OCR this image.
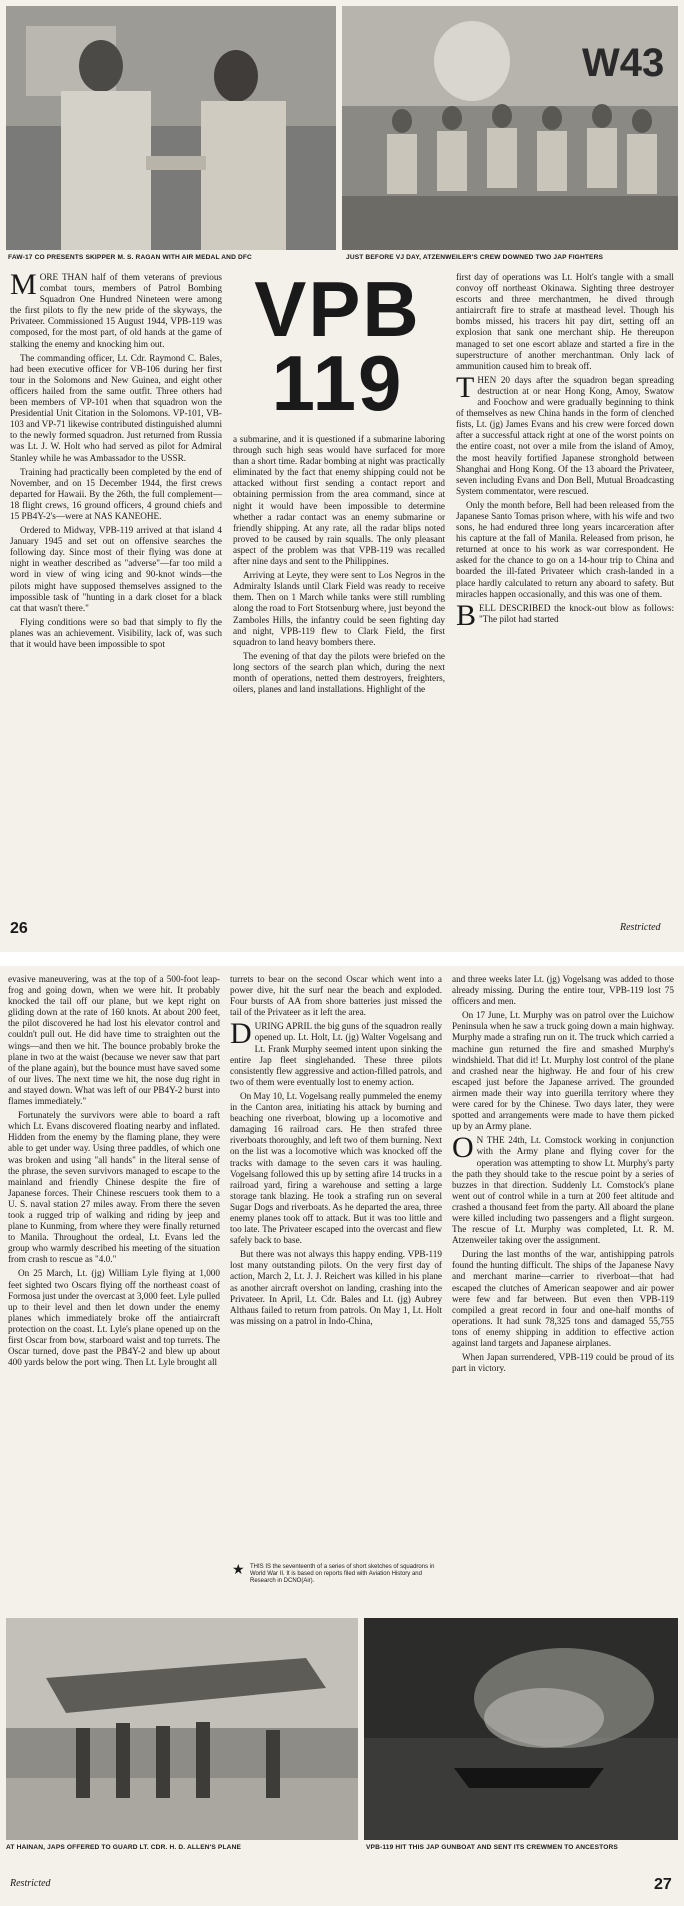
W43
FAW-17 CO PRESENTS SKIPPER M. S. RAGAN WITH AIR MEDAL AND DFC	JUST BEFORE VJ DAY, ATZENWEILER'S CREW DOWNED TWO JAP FIGHTERS

MORE THAN half of them veterans of previous combat tours, members of Patrol Bombing Squadron One Hundred Nineteen were among the first pilots to fly the new pride of the skyways, the Privateer. Commissioned 15 August 1944, VPB-119 was composed, for the most part, of old hands at the game of stalking the enemy and knocking him out.

The commanding officer, Lt. Cdr. Raymond C. Bales, had been executive officer for VB-106 during her first tour in the Solomons and New Guinea, and eight other officers hailed from the same outfit. Three others had been members of VP-101 when that squadron won the Presidential Unit Citation in the Solomons. VP-101, VB-103 and VP-71 likewise contributed distinguished alumni to the newly formed squadron. Just returned from Russia was Lt. J. W. Holt who had served as pilot for Admiral Stanley while he was Ambassador to the USSR.

Training had practically been completed by the end of November, and on 15 December 1944, the first crews departed for Hawaii. By the 26th, the full complement—18 flight crews, 16 ground officers, 4 ground chiefs and 15 PB4Y-2's—were at NAS KANEOHE.

Ordered to Midway, VPB-119 arrived at that island 4 January 1945 and set out on offensive searches the following day. Since most of their flying was done at night in weather described as "adverse"—far too mild a word in view of wing icing and 90-knot winds—the pilots might have supposed themselves assigned to the impossible task of "hunting in a dark closet for a black cat that wasn't there."

Flying conditions were so bad that simply to fly the planes was an achievement. Visibility, lack of, was such that it would have been impossible to spot

VPB
119

a submarine, and it is questioned if a submarine laboring through such high seas would have surfaced for more than a short time. Radar bombing at night was practically eliminated by the fact that enemy shipping could not be attacked without first sending a contact report and obtaining permission from the area command, since at night it would have been impossible to determine whether a radar contact was an enemy submarine or friendly shipping. At any rate, all the radar blips noted proved to be caused by rain squalls. The only pleasant aspect of the problem was that VPB-119 was recalled after nine days and sent to the Philippines.

Arriving at Leyte, they were sent to Los Negros in the Admiralty Islands until Clark Field was ready to receive them. Then on 1 March while tanks were still rumbling along the road to Fort Stotsenburg where, just beyond the Zamboles Hills, the infantry could be seen fighting day and night, VPB-119 flew to Clark Field, the first squadron to land heavy bombers there.

The evening of that day the pilots were briefed on the long sectors of the search plan which, during the next month of operations, netted them destroyers, freighters, oilers, planes and land installations. Highlight of the

first day of operations was Lt. Holt's tangle with a small convoy off northeast Okinawa. Sighting three destroyer escorts and three merchantmen, he dived through antiaircraft fire to strafe at masthead level. Though his bombs missed, his tracers hit pay dirt, setting off an explosion that sank one merchant ship. He thereupon managed to set one escort ablaze and started a fire in the superstructure of another merchantman. Only lack of ammunition caused him to break off.

THEN 20 days after the squadron began spreading destruction at or near Hong Kong, Amoy, Swatow and Foochow and were gradually beginning to think of themselves as new China hands in the form of clenched fists, Lt. (jg) James Evans and his crew were forced down after a successful attack right at one of the worst points on the entire coast, not over a mile from the island of Amoy, the most heavily fortified Japanese stronghold between Shanghai and Hong Kong. Of the 13 aboard the Privateer, seven including Evans and Don Bell, Mutual Broadcasting System commentator, were rescued.

Only the month before, Bell had been released from the Japanese Santo Tomas prison where, with his wife and two sons, he had endured three long years incarceration after his capture at the fall of Manila. Released from prison, he returned at once to his work as war correspondent. He asked for the chance to go on a 14-hour trip to China and boarded the ill-fated Privateer which crash-landed in a place hardly calculated to return any aboard to safety. But miracles happen occasionally, and this was one of them.

BELL DESCRIBED the knock-out blow as follows: "The pilot had started

26	Restricted

evasive maneuvering, was at the top of a 500-foot leap-frog and going down, when we were hit. It probably knocked the tail off our plane, but we kept right on gliding down at the rate of 160 knots. At about 200 feet, the pilot discovered he had lost his elevator control and couldn't pull out. He did have time to straighten out the wings—and then we hit. The bounce probably broke the plane in two at the waist (because we never saw that part of the plane again), but the bounce must have saved some of our lives. The next time we hit, the nose dug right in and stayed down. What was left of our PB4Y-2 burst into flames immediately."

Fortunately the survivors were able to board a raft which Lt. Evans discovered floating nearby and inflated. Hidden from the enemy by the flaming plane, they were able to get under way. Using three paddles, of which one was broken and using "all hands" in the literal sense of the phrase, the seven survivors managed to escape to the mainland and friendly Chinese despite the fire of Japanese forces. Their Chinese rescuers took them to a U. S. naval station 27 miles away. From there the seven took a rugged trip of walking and riding by jeep and plane to Kunming, from where they were finally returned to Manila. Throughout the ordeal, Lt. Evans led the group who warmly described his meeting of the situation from crash to rescue as "4.0."

On 25 March, Lt. (jg) William Lyle flying at 1,000 feet sighted two Oscars flying off the northeast coast of Formosa just under the overcast at 3,000 feet. Lyle pulled up to their level and then let down under the enemy planes which immediately broke off the antiaircraft protection on the coast. Lt. Lyle's plane opened up on the first Oscar from bow, starboard waist and top turrets. The Oscar turned, dove past the PB4Y-2 and blew up about 400 yards below the port wing. Then Lt. Lyle brought all

turrets to bear on the second Oscar which went into a power dive, hit the surf near the beach and exploded. Four bursts of AA from shore batteries just missed the tail of the Privateer as it left the area.

DURING APRIL the big guns of the squadron really opened up. Lt. Holt, Lt. (jg) Walter Vogelsang and Lt. Frank Murphy seemed intent upon sinking the entire Jap fleet singlehanded. These three pilots consistently flew aggressive and action-filled patrols, and two of them were eventually lost to enemy action.

On May 10, Lt. Vogelsang really pummeled the enemy in the Canton area, initiating his attack by burning and beaching one riverboat, blowing up a locomotive and damaging 16 railroad cars. He then strafed three riverboats thoroughly, and left two of them burning. Next on the list was a locomotive which was knocked off the tracks with damage to the seven cars it was hauling. Vogelsang followed this up by setting afire 14 trucks in a railroad yard, firing a warehouse and setting a large storage tank blazing. He took a strafing run on several Sugar Dogs and riverboats. As he departed the area, three enemy planes took off to attack. But it was too little and too late. The Privateer escaped into the overcast and flew safely back to base.

But there was not always this happy ending. VPB-119 lost many outstanding pilots. On the very first day of action, March 2, Lt. J. J. Reichert was killed in his plane as another aircraft overshot on landing, crashing into the Privateer. In April, Lt. Cdr. Bales and Lt. (jg) Aubrey Althaus failed to return from patrols. On May 1, Lt. Holt was missing on a patrol in Indo-China,

★ THIS IS the seventeenth of a series of short sketches of squadrons in World War II. It is based on reports filed with Aviation History and Research in DCNO(Air).

and three weeks later Lt. (jg) Vogelsang was added to those already missing. During the entire tour, VPB-119 lost 75 officers and men.

On 17 June, Lt. Murphy was on patrol over the Luichow Peninsula when he saw a truck going down a main highway. Murphy made a strafing run on it. The truck which carried a machine gun returned the fire and smashed Murphy's windshield. That did it! Lt. Murphy lost control of the plane and crashed near the highway. He and four of his crew escaped just before the Japanese arrived. The grounded airmen made their way into guerilla territory where they were cared for by the Chinese. Two days later, they were spotted and arrangements were made to have them picked up by an Army plane.

O N THE 24th, Lt. Comstock working in conjunction with the Army plane and flying cover for the operation was attempting to show Lt. Murphy's party the path they should take to the rescue point by a series of buzzes in that direction. Suddenly Lt. Comstock's plane went out of control while in a turn at 200 feet altitude and crashed a thousand feet from the party. All aboard the plane were killed including two passengers and a flight surgeon. The rescue of Lt. Murphy was completed, Lt. R. M. Atzenweiler taking over the assignment.

During the last months of the war, antishipping patrols found the hunting difficult. The ships of the Japanese Navy and merchant marine—carrier to riverboat—that had escaped the clutches of American seapower and air power were few and far between. But even then VPB-119 compiled a great record in four and one-half months of operations. It had sunk 78,325 tons and damaged 55,755 tons of enemy shipping in addition to effective action against land targets and Japanese airplanes.

When Japan surrendered, VPB-119 could be proud of its part in victory.

AT HAINAN, JAPS OFFERED TO GUARD LT. CDR. H. D. ALLEN'S PLANE	VPB-119 HIT THIS JAP GUNBOAT AND SENT ITS CREWMEN TO ANCESTORS
Restricted	27
